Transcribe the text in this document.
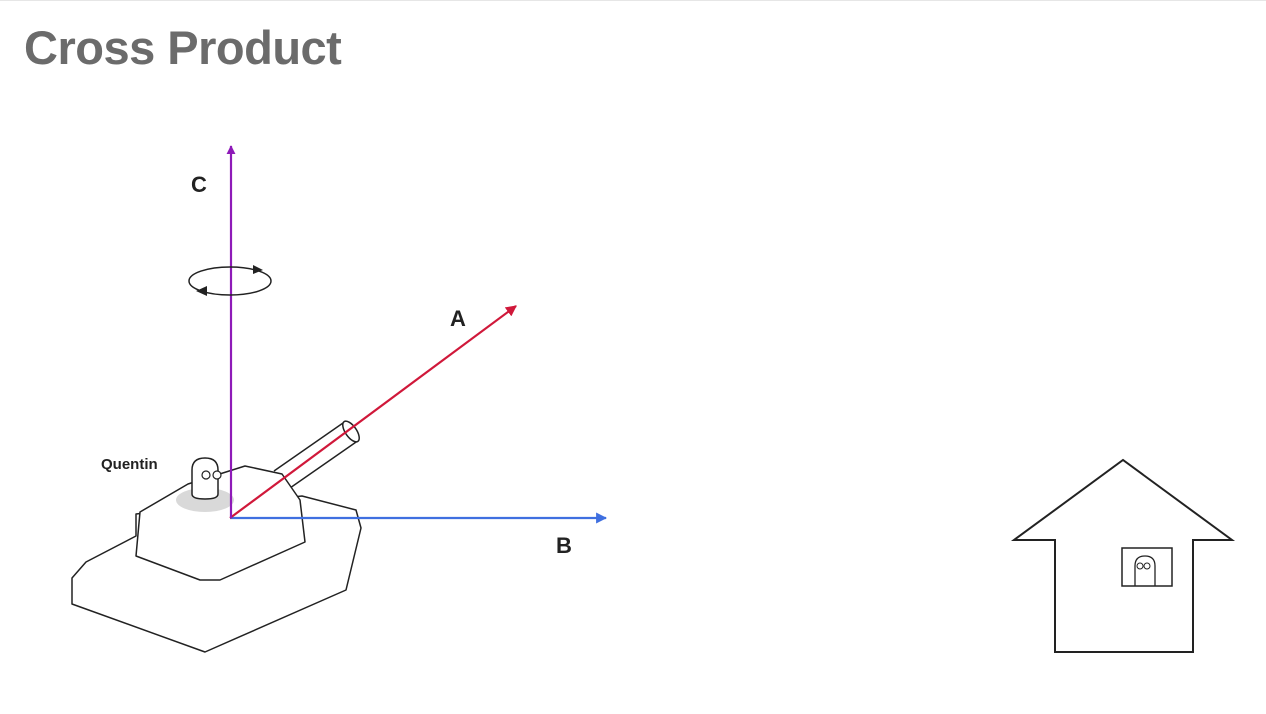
Cross Product
Quentin
B
A
C
